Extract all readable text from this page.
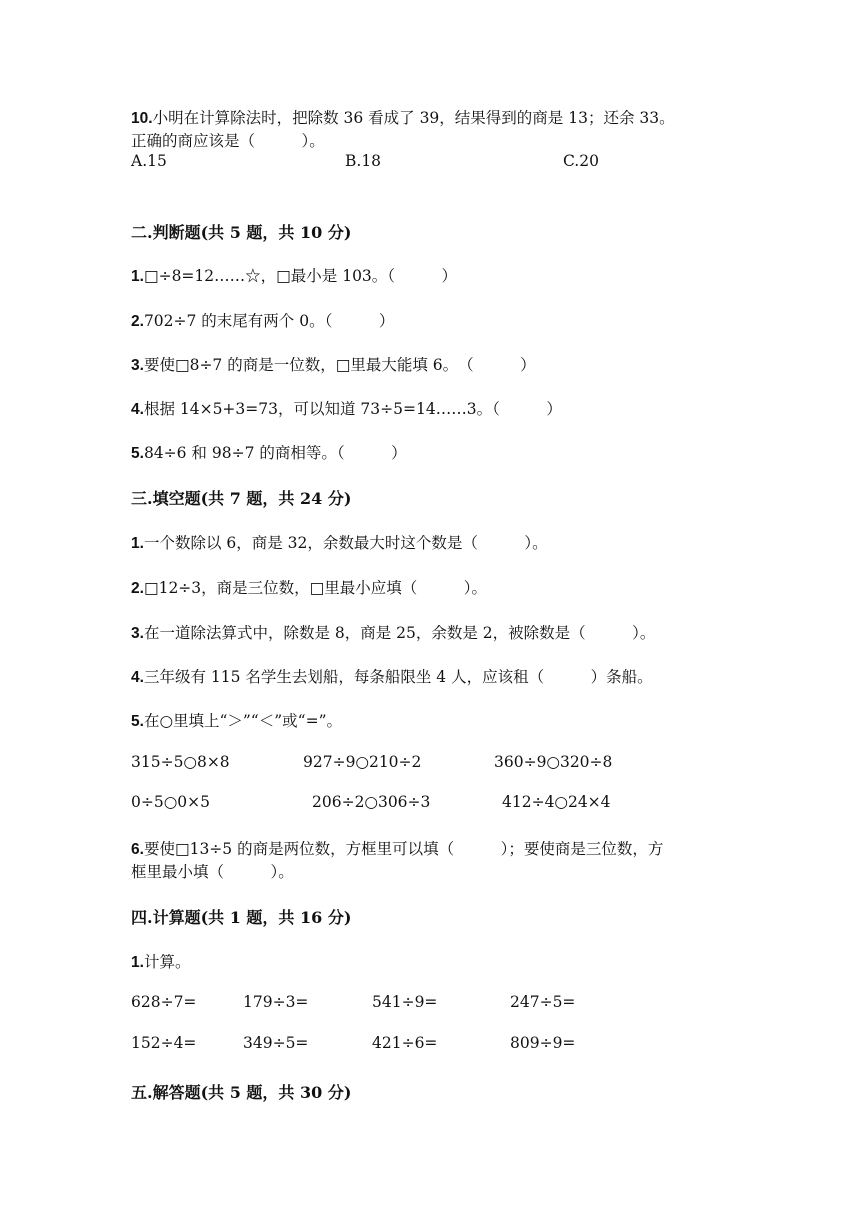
10.小明在计算除法时，把除数 36 看成了 39，结果得到的商是 13；还余 33。
正确的商应该是（　　　）。
A.15	B.18	C.20
二.判断题(共 5 题，共 10 分)
1.□÷8=12……☆，□最小是 103。（　　　）
2.702÷7 的末尾有两个 0。（　　　）
3.要使□8÷7 的商是一位数，□里最大能填 6。　（　　　）
4.根据 14×5+3=73，可以知道 73÷5=14……3。（　　　）
5.84÷6 和 98÷7 的商相等。（　　　）
三.填空题(共 7 题，共 24 分)
1.一个数除以 6，商是 32，余数最大时这个数是（　　　）。
2.□12÷3，商是三位数，□里最小应填（　　　）。
3.在一道除法算式中，除数是 8，商是 25，余数是 2，被除数是（　　　）。
4.三年级有 115 名学生去划船，每条船限坐 4 人，应该租（　　　）条船。
5.在○里填上“＞”“＜”或“=”。
315÷5○8×8	927÷9○210÷2	360÷9○320÷8
0÷5○0×5	206÷2○306÷3	412÷4○24×4
6.要使□13÷5 的商是两位数，方框里可以填（　　　）；要使商是三位数，方
框里最小填（　　　）。
四.计算题(共 1 题，共 16 分)
1.计算。
628÷7=	179÷3=	541÷9=	247÷5=
152÷4=	349÷5=	421÷6=	809÷9=
五.解答题(共 5 题，共 30 分)
